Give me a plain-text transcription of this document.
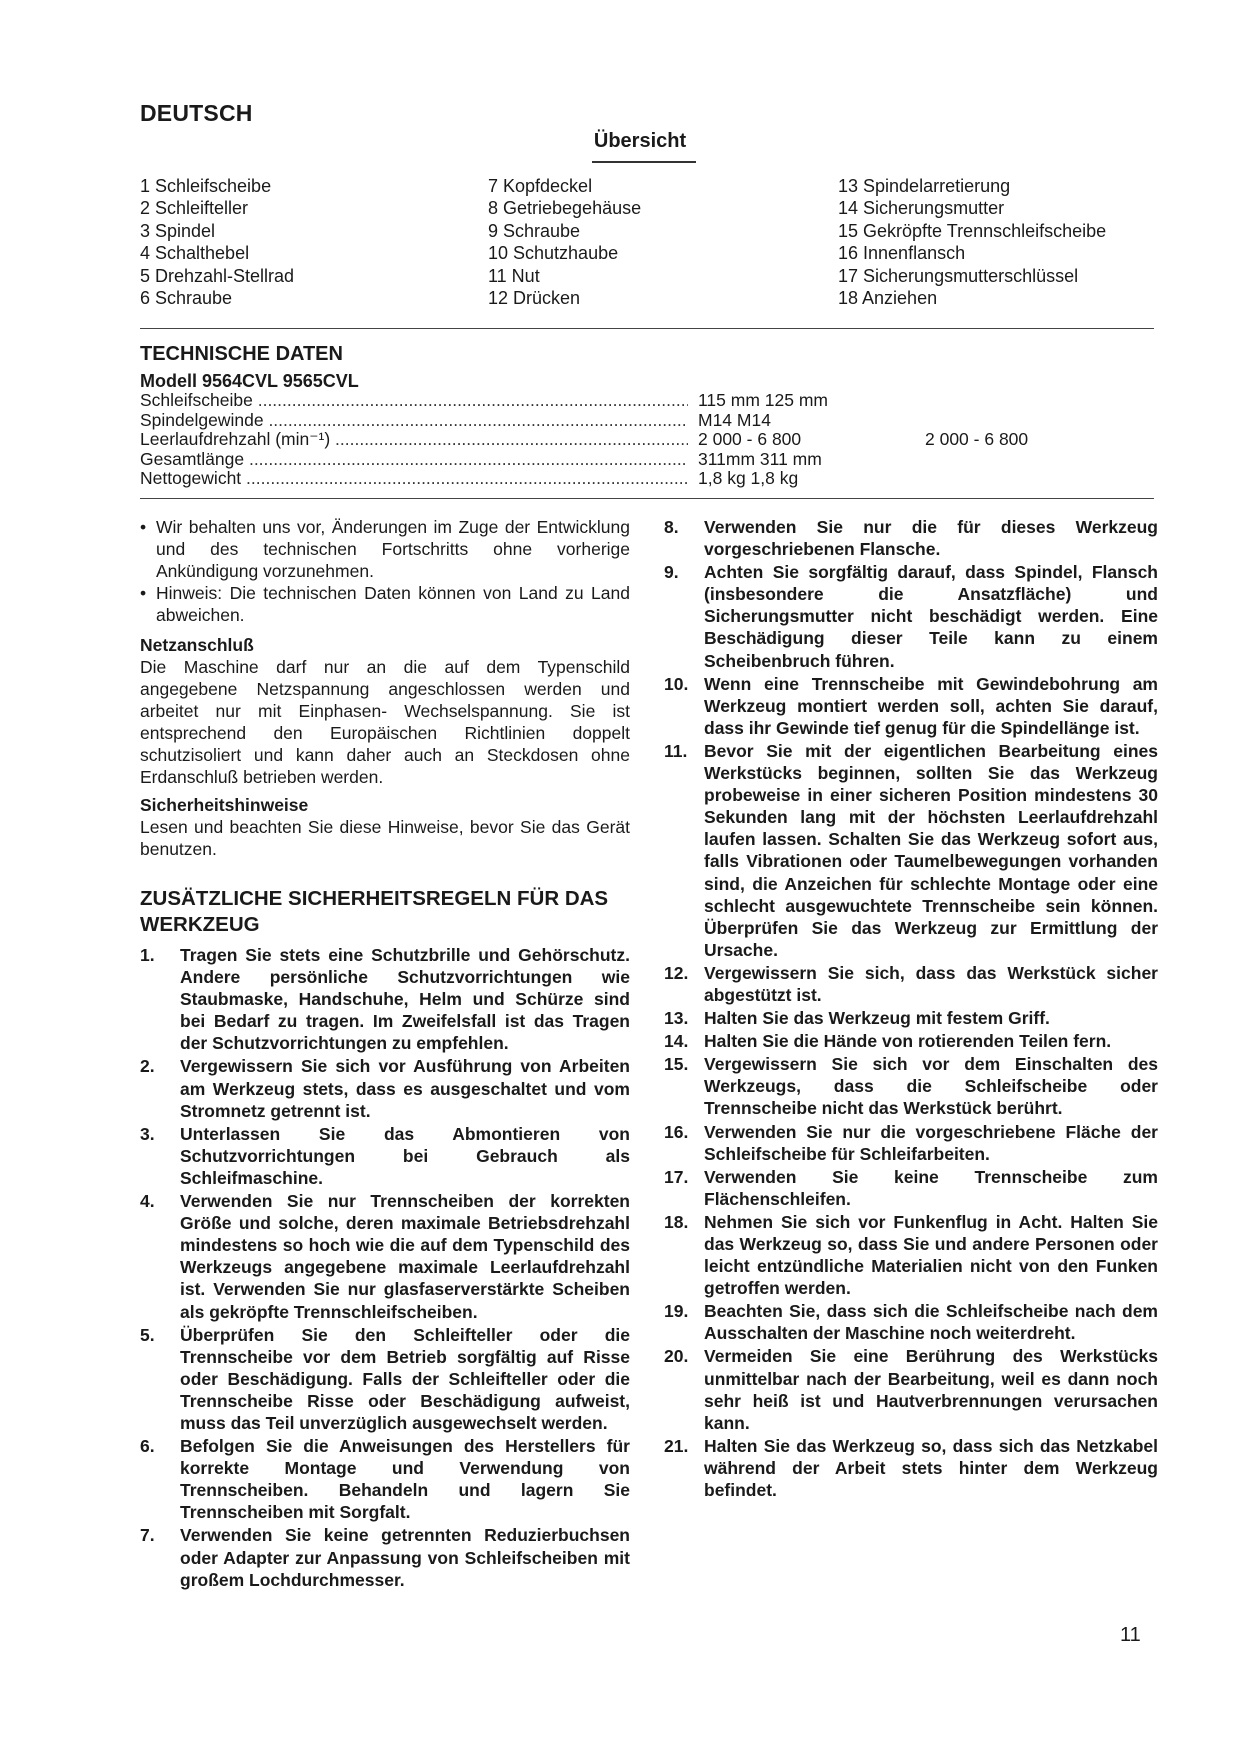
DEUTSCH
Übersicht
1 Schleifscheibe
2 Schleifteller
3 Spindel
4 Schalthebel
5 Drehzahl-Stellrad
6 Schraube
7 Kopfdeckel
8 Getriebegehäuse
9 Schraube
10 Schutzhaube
11 Nut
12 Drücken
13 Spindelarretierung
14 Sicherungsmutter
15 Gekröpfte Trennschleifscheibe
16 Innenflansch
17 Sicherungsmutterschlüssel
18 Anziehen
TECHNISCHE DATEN

Modell 9564CVL 9565CVL

Schleifscheibe .....	115 mm 125 mm
Spindelgewinde .....	M14 M14
Leerlaufdrehzahl (min⁻¹) .....	2 000 - 6 800	2 000 - 6 800
Gesamtlänge .....	311mm 311 mm
Nettogewicht .....	1,8 kg 1,8 kg
• Wir behalten uns vor, Änderungen im Zuge der Entwicklung und des technischen Fortschritts ohne vorherige Ankündigung vorzunehmen.
• Hinweis: Die technischen Daten können von Land zu Land abweichen.

Netzanschluß

Die Maschine darf nur an die auf dem Typenschild angegebene Netzspannung angeschlossen werden und arbeitet nur mit Einphasen- Wechselspannung. Sie ist entsprechend den Europäischen Richtlinien doppelt schutzisoliert und kann daher auch an Steckdosen ohne Erdanschluß betrieben werden.

Sicherheitshinweise

Lesen und beachten Sie diese Hinweise, bevor Sie das Gerät benutzen.

ZUSÄTZLICHE SICHERHEITSREGELN FÜR DAS WERKZEUG
1. Tragen Sie stets eine Schutzbrille und Gehörschutz. Andere persönliche Schutzvorrichtungen wie Staubmaske, Handschuhe, Helm und Schürze sind bei Bedarf zu tragen. Im Zweifelsfall ist das Tragen der Schutzvorrichtungen zu empfehlen.
2. Vergewissern Sie sich vor Ausführung von Arbeiten am Werkzeug stets, dass es ausgeschaltet und vom Stromnetz getrennt ist.
3. Unterlassen Sie das Abmontieren von Schutzvorrichtungen bei Gebrauch als Schleifmaschine.
4. Verwenden Sie nur Trennscheiben der korrekten Größe und solche, deren maximale Betriebsdrehzahl mindestens so hoch wie die auf dem Typenschild des Werkzeugs angegebene maximale Leerlaufdrehzahl ist. Verwenden Sie nur glasfaserverstärkte Scheiben als gekröpfte Trennschleifscheiben.
5. Überprüfen Sie den Schleifteller oder die Trennscheibe vor dem Betrieb sorgfältig auf Risse oder Beschädigung. Falls der Schleifteller oder die Trennscheibe Risse oder Beschädigung aufweist, muss das Teil unverzüglich ausgewechselt werden.
6. Befolgen Sie die Anweisungen des Herstellers für korrekte Montage und Verwendung von Trennscheiben. Behandeln und lagern Sie Trennscheiben mit Sorgfalt.
7. Verwenden Sie keine getrennten Reduzierbuchsen oder Adapter zur Anpassung von Schleifscheiben mit großem Lochdurchmesser.
8. Verwenden Sie nur die für dieses Werkzeug vorgeschriebenen Flansche.
9. Achten Sie sorgfältig darauf, dass Spindel, Flansch (insbesondere die Ansatzfläche) und Sicherungsmutter nicht beschädigt werden. Eine Beschädigung dieser Teile kann zu einem Scheibenbruch führen.
10. Wenn eine Trennscheibe mit Gewindebohrung am Werkzeug montiert werden soll, achten Sie darauf, dass ihr Gewinde tief genug für die Spindellänge ist.
11. Bevor Sie mit der eigentlichen Bearbeitung eines Werkstücks beginnen, sollten Sie das Werkzeug probeweise in einer sicheren Position mindestens 30 Sekunden lang mit der höchsten Leerlaufdrehzahl laufen lassen. Schalten Sie das Werkzeug sofort aus, falls Vibrationen oder Taumelbewegungen vorhanden sind, die Anzeichen für schlechte Montage oder eine schlecht ausgewuchtete Trennscheibe sein können. Überprüfen Sie das Werkzeug zur Ermittlung der Ursache.
12. Vergewissern Sie sich, dass das Werkstück sicher abgestützt ist.
13. Halten Sie das Werkzeug mit festem Griff.
14. Halten Sie die Hände von rotierenden Teilen fern.
15. Vergewissern Sie sich vor dem Einschalten des Werkzeugs, dass die Schleifscheibe oder Trennscheibe nicht das Werkstück berührt.
16. Verwenden Sie nur die vorgeschriebene Fläche der Schleifscheibe für Schleifarbeiten.
17. Verwenden Sie keine Trennscheibe zum Flächenschleifen.
18. Nehmen Sie sich vor Funkenflug in Acht. Halten Sie das Werkzeug so, dass Sie und andere Personen oder leicht entzündliche Materialien nicht von den Funken getroffen werden.
19. Beachten Sie, dass sich die Schleifscheibe nach dem Ausschalten der Maschine noch weiterdreht.
20. Vermeiden Sie eine Berührung des Werkstücks unmittelbar nach der Bearbeitung, weil es dann noch sehr heiß ist und Hautverbrennungen verursachen kann.
21. Halten Sie das Werkzeug so, dass sich das Netzkabel während der Arbeit stets hinter dem Werkzeug befindet.

11
